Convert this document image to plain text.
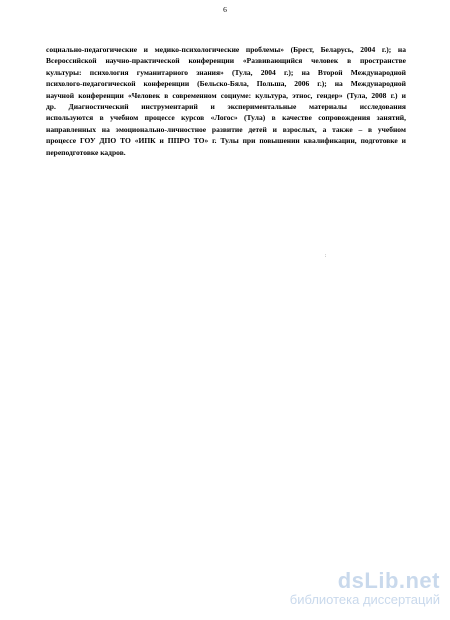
6
социально-педагогические и медико-психологические проблемы» (Брест, Беларусь, 2004 г.); на
Всероссийской научно-практической конференции «Развивающийся человек в пространстве
культуры: психология гуманитарного знания» (Тула, 2004 г.); на Второй Международной
психолого-педагогической конференции (Бельско-Бяла, Польша, 2006 г.); на Международной
научной конференции «Человек в современном социуме: культура, этнос, гендер» (Тула, 2008 г.) и
др. Диагностический инструментарий и экспериментальные материалы исследования
используются в учебном процессе курсов «Логос» (Тула) в качестве сопровождения занятий,
направленных на эмоционально-личностное развитие детей и взрослых, а также – в учебном
процессе ГОУ ДПО ТО «ИПК и ППРО ТО» г. Тулы при повышении квалификации, подготовке и
переподготовке кадров.
:
dsLib.net
библиотека диссертаций
